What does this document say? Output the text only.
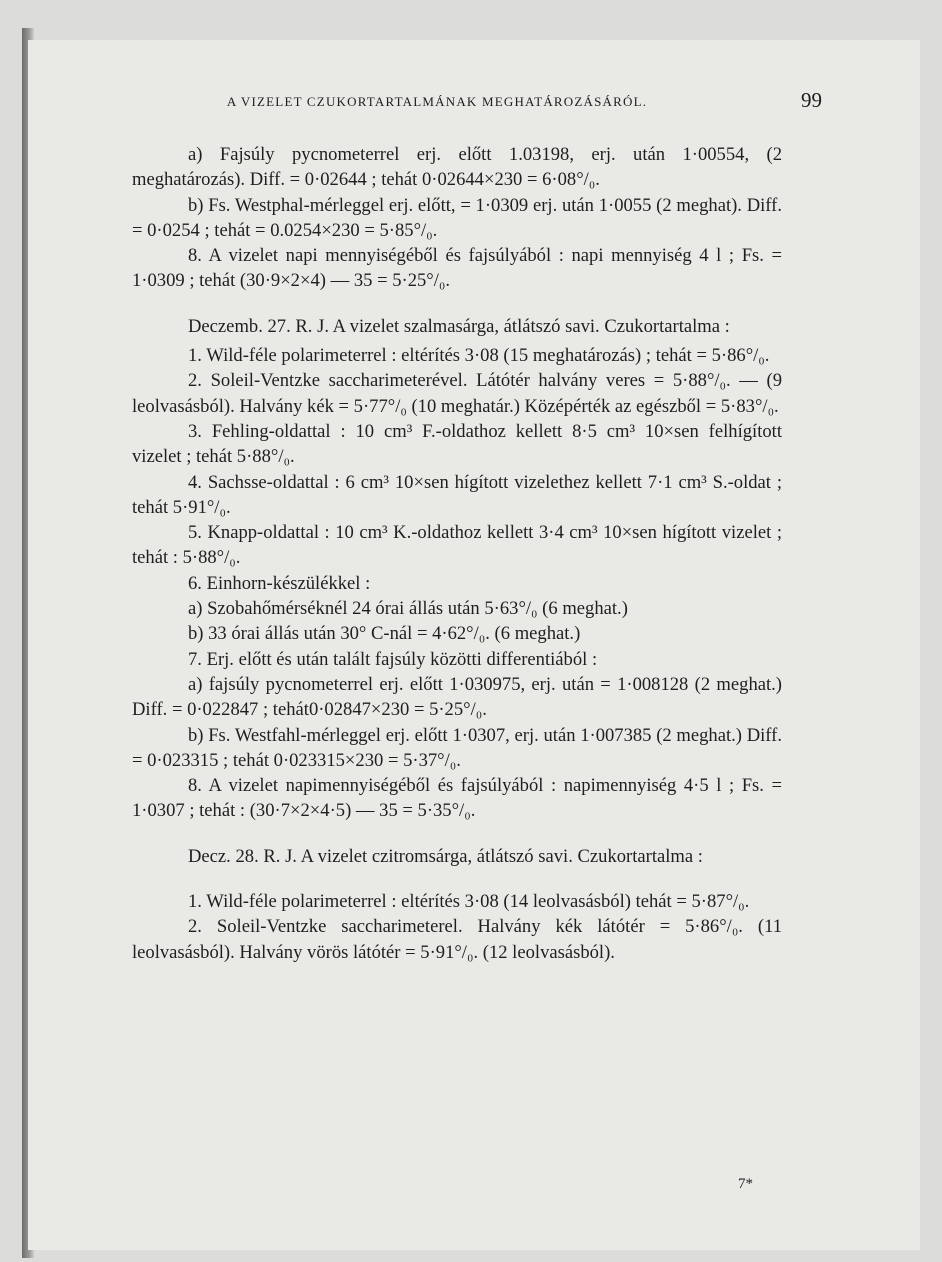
A VIZELET CZUKORTARTALMÁNAK MEGHATÁROZÁSÁRÓL.	99

a) Fajsúly pycnometerrel erj. előtt 1.03198, erj. után 1·00554, (2 meghatározás). Diff. = 0·02644 ; tehát 0·02644×230 = 6·08°/₀.

b) Fs. Westphal-mérleggel erj. előtt, = 1·0309 erj. után 1·0055 (2 meghat). Diff. = 0·0254 ; tehát = 0.0254×230 = 5·85°/₀.

8. A vizelet napi mennyiségéből és fajsúlyából : napi mennyiség 4 l ; Fs. = 1·0309 ; tehát (30·9×2×4) — 35 = 5·25°/₀.

Deczemb. 27. R. J. A vizelet szalmasárga, átlátszó savi. Czukortartalma :

1. Wild-féle polarimeterrel : eltérítés 3·08 (15 meghatározás) ; tehát = 5·86°/₀.

2. Soleil-Ventzke saccharimeterével. Látótér halvány veres = 5·88°/₀. — (9 leolvasásból). Halvány kék = 5·77°/₀ (10 meghatár.) Középérték az egészből = 5·83°/₀.

3. Fehling-oldattal : 10 cm³ F.-oldathoz kellett 8·5 cm³ 10×sen felhígított vizelet ; tehát 5·88°/₀.

4. Sachsse-oldattal : 6 cm³ 10×sen hígított vizelethez kellett 7·1 cm³ S.-oldat ; tehát 5·91°/₀.

5. Knapp-oldattal : 10 cm³ K.-oldathoz kellett 3·4 cm³ 10×sen hígított vizelet ; tehát : 5·88°/₀.

6. Einhorn-készülékkel :

a) Szobahőmérséknél 24 órai állás után 5·63°/₀ (6 meghat.)

b) 33 órai állás után 30° C-nál = 4·62°/₀. (6 meghat.)

7. Erj. előtt és után talált fajsúly közötti differentiából :

a) fajsúly pycnometerrel erj. előtt 1·030975, erj. után = 1·008128 (2 meghat.) Diff. = 0·022847 ; tehát0·02847×230 = 5·25°/₀.

b) Fs. Westfahl-mérleggel erj. előtt 1·0307, erj. után 1·007385 (2 meghat.) Diff. = 0·023315 ; tehát 0·023315×230 = 5·37°/₀.

8. A vizelet napimennyiségéből és fajsúlyából : napimennyiség 4·5 l ; Fs. = 1·0307 ; tehát : (30·7×2×4·5) — 35 = 5·35°/₀.

Decz. 28. R. J. A vizelet czitromsárga, átlátszó savi. Czukortartalma :

1. Wild-féle polarimeterrel : eltérítés 3·08 (14 leolvasásból) tehát = 5·87°/₀.

2. Soleil-Ventzke saccharimeterel. Halvány kék látótér = 5·86°/₀. (11 leolvasásból). Halvány vörös látótér = 5·91°/₀. (12 leolvasásból).

7*
